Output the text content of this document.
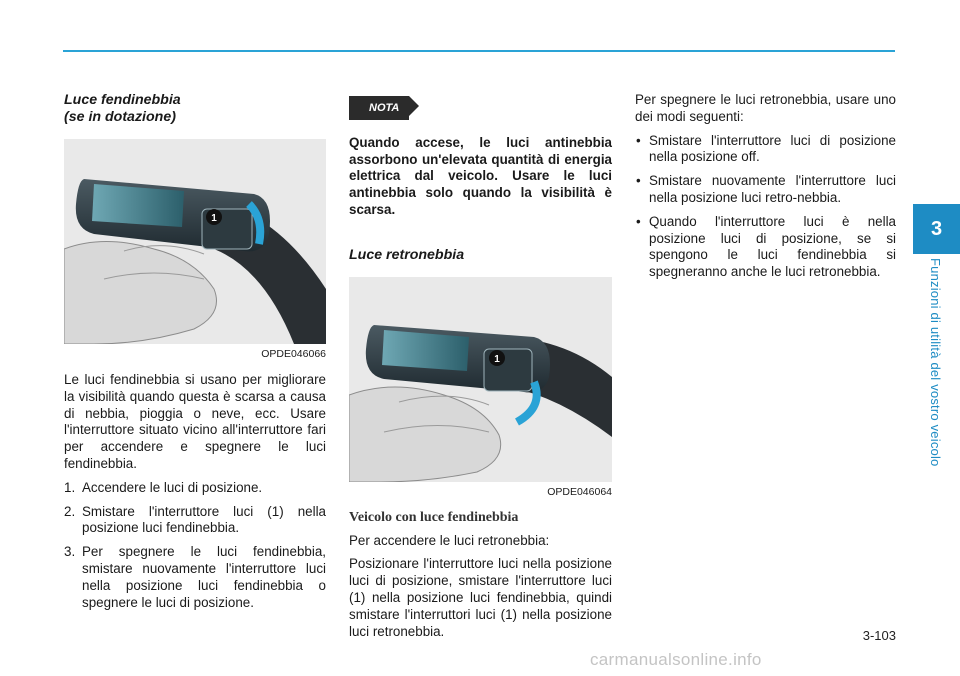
3
Funzioni di utilità del vostro veicolo
Luce fendinebbia
(se in dotazione)
1
OPDE046066

Le luci fendinebbia si usano per migliorare la visibilità quando questa è scarsa a causa di nebbia, pioggia o neve, ecc. Usare l'interruttore situato vicino all'interruttore fari per accendere e spegnere le luci fendinebbia.

1. Accendere le luci di posizione.
2. Smistare l'interruttore luci (1) nella posizione luci fendinebbia.
3. Per spegnere le luci fendinebbia, smistare nuovamente l'interruttore luci nella posizione luci fendinebbia o spegnere le luci di posizione.
NOTA

Quando accese, le luci antinebbia assorbono un'elevata quantità di energia elettrica dal veicolo. Usare le luci antinebbia solo quando la visibilità è scarsa.

Luce retronebbia
1
OPDE046064
Veicolo con luce fendinebbia

Per accendere le luci retronebbia:

Posizionare l'interruttore luci nella posizione luci di posizione, smistare l'interruttore luci (1) nella posizione luci fendinebbia, quindi smistare l'interruttori luci (1) nella posizione luci retronebbia.

Per spegnere le luci retronebbia, usare uno dei modi seguenti:

• Smistare l'interruttore luci di posizione nella posizione off.
• Smistare nuovamente l'interruttore luci nella posizione luci retro-nebbia.
• Quando l'interruttore luci è nella posizione luci di posizione, se si spengono le luci fendinebbia si spegneranno anche le luci retronebbia.
3-103
carmanualsonline.info
